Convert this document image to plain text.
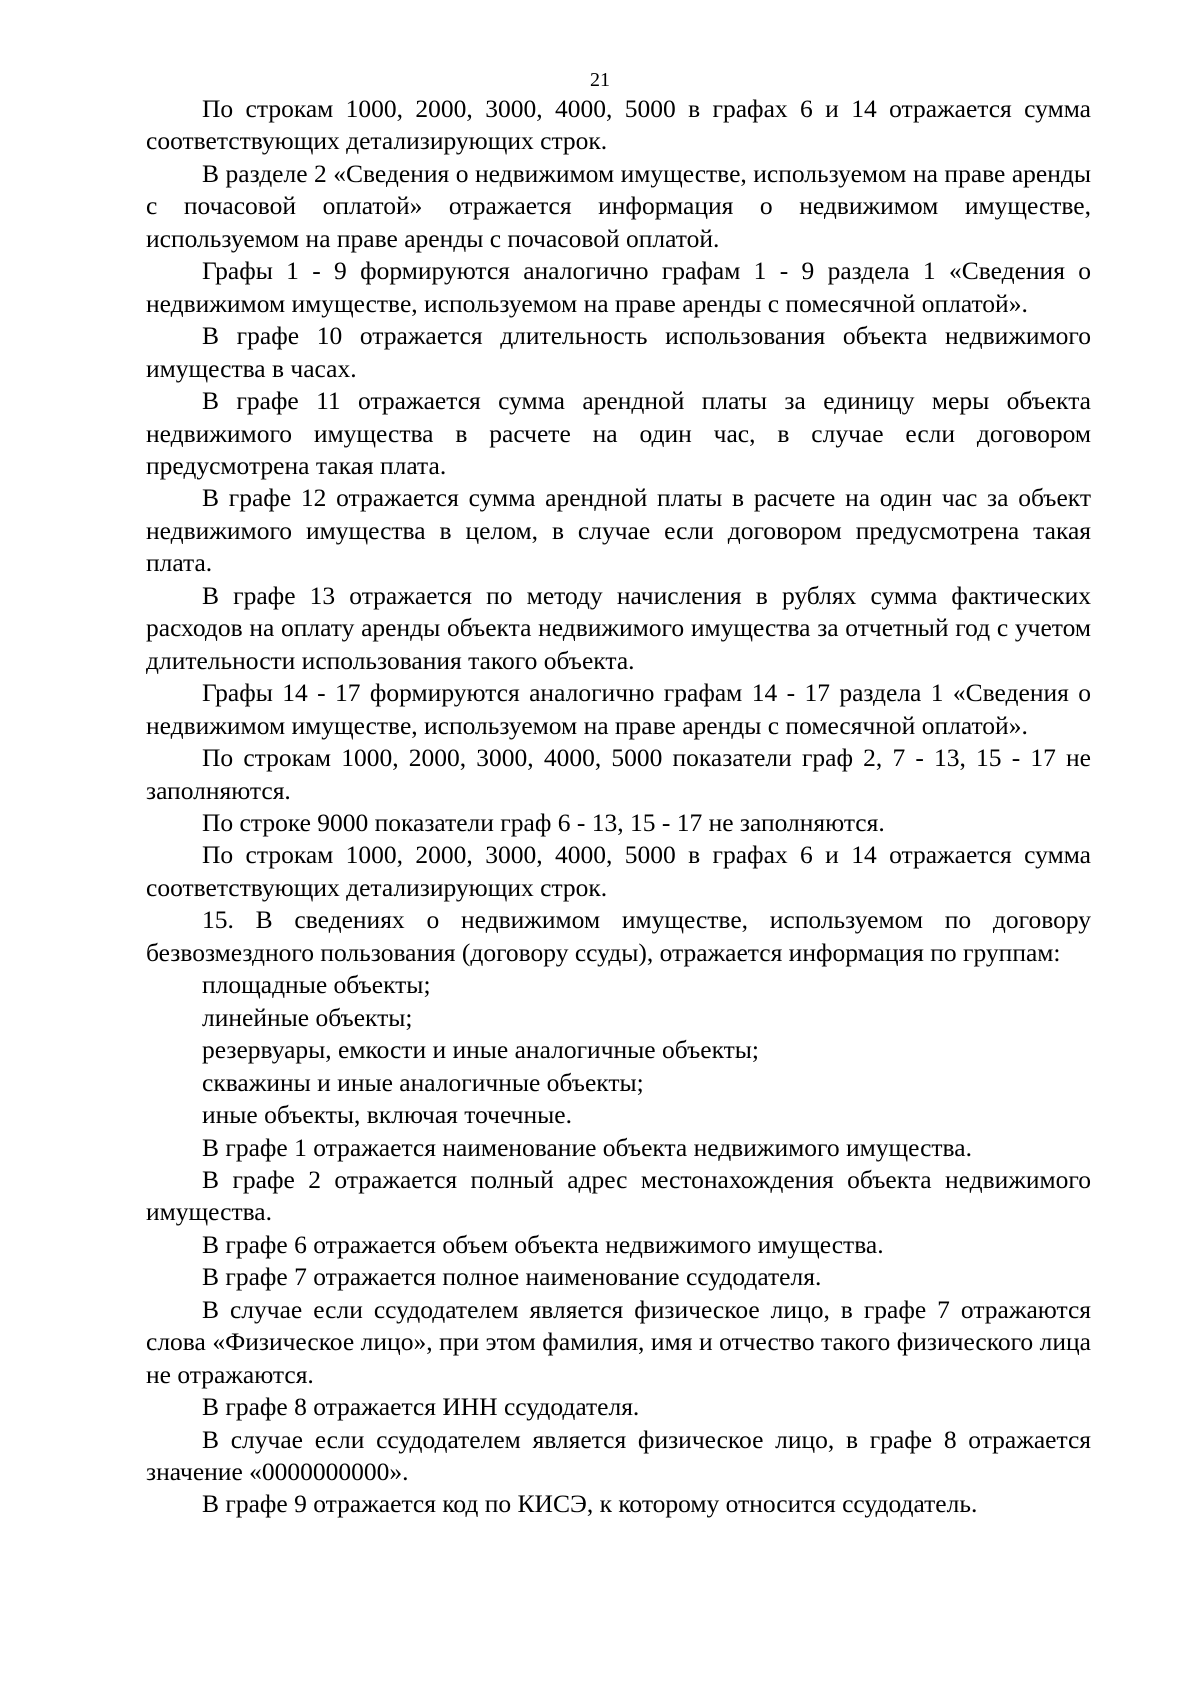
21

По строкам 1000, 2000, 3000, 4000, 5000 в графах 6 и 14 отражается сумма соответствующих детализирующих строк.

В разделе 2 «Сведения о недвижимом имуществе, используемом на праве аренды с почасовой оплатой» отражается информация о недвижимом имуществе, используемом на праве аренды с почасовой оплатой.

Графы 1 - 9 формируются аналогично графам 1 - 9 раздела 1 «Сведения о недвижимом имуществе, используемом на праве аренды с помесячной оплатой».

В графе 10 отражается длительность использования объекта недвижимого имущества в часах.

В графе 11 отражается сумма арендной платы за единицу меры объекта недвижимого имущества в расчете на один час, в случае если договором предусмотрена такая плата.

В графе 12 отражается сумма арендной платы в расчете на один час за объект недвижимого имущества в целом, в случае если договором предусмотрена такая плата.

В графе 13 отражается по методу начисления в рублях сумма фактических расходов на оплату аренды объекта недвижимого имущества за отчетный год с учетом длительности использования такого объекта.

Графы 14 - 17 формируются аналогично графам 14 - 17 раздела 1 «Сведения о недвижимом имуществе, используемом на праве аренды с помесячной оплатой».

По строкам 1000, 2000, 3000, 4000, 5000 показатели граф 2, 7 - 13, 15 - 17 не заполняются.

По строке 9000 показатели граф 6 - 13, 15 - 17 не заполняются.

По строкам 1000, 2000, 3000, 4000, 5000 в графах 6 и 14 отражается сумма соответствующих детализирующих строк.

15. В сведениях о недвижимом имуществе, используемом по договору безвозмездного пользования (договору ссуды), отражается информация по группам:

площадные объекты;

линейные объекты;

резервуары, емкости и иные аналогичные объекты;

скважины и иные аналогичные объекты;

иные объекты, включая точечные.

В графе 1 отражается наименование объекта недвижимого имущества.

В графе 2 отражается полный адрес местонахождения объекта недвижимого имущества.

В графе 6 отражается объем объекта недвижимого имущества.

В графе 7 отражается полное наименование ссудодателя.

В случае если ссудодателем является физическое лицо, в графе 7 отражаются слова «Физическое лицо», при этом фамилия, имя и отчество такого физического лица не отражаются.

В графе 8 отражается ИНН ссудодателя.

В случае если ссудодателем является физическое лицо, в графе 8 отражается значение «0000000000».

В графе 9 отражается код по КИСЭ, к которому относится ссудодатель.
